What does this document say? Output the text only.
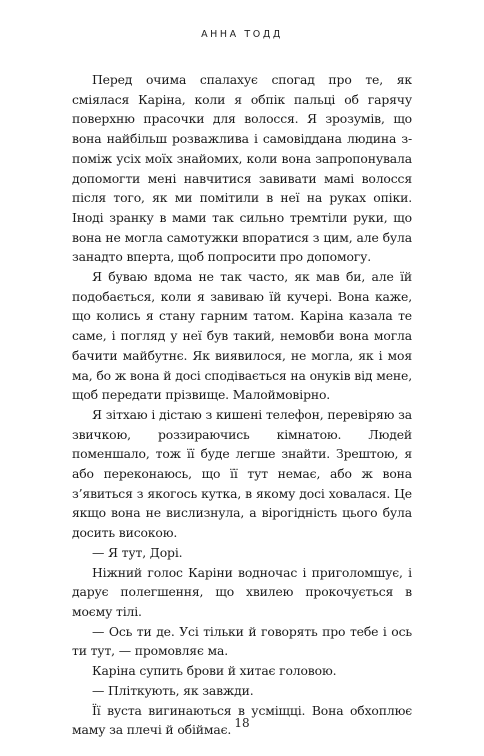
АННА ТОДД

Перед очима спалахує спогад про те, як сміялася Каріна, коли я обпік пальці об гарячу поверхню прасочки для волосся. Я зрозумів, що вона найбільш розважлива і самовіддана людина з-поміж усіх моїх знайомих, коли вона запропонувала допомогти мені навчитися завивати мамі волосся після того, як ми помітили в неї на руках опіки. Іноді зранку в мами так сильно тремтіли руки, що вона не могла самотужки впоратися з цим, але була занадто вперта, щоб попросити про допомогу.

Я буваю вдома не так часто, як мав би, але їй подобається, коли я завиваю їй кучері. Вона каже, що колись я стану гарним татом. Каріна казала те саме, і погляд у неї був такий, немовби вона могла бачити майбутнє. Як виявилося, не могла, як і моя ма, бо ж вона й досі сподівається на онуків від мене, щоб передати прізвище. Малоймовірно.

Я зітхаю і дістаю з кишені телефон, перевіряю за звичкою, роззираючись кімнатою. Людей поменшало, тож її буде легше знайти. Зрештою, я або переконаюсь, що її тут немає, або ж вона з’явиться з якогось кутка, в якому досі ховалася. Це якщо вона не вислизнула, а вірогідність цього була досить високою.

— Я тут, Дорі.

Ніжний голос Каріни водночас і приголомшує, і дарує полегшення, що хвилею прокочується в моєму тілі.

— Ось ти де. Усі тільки й говорять про тебе і ось ти тут, — промовляє ма.

Каріна супить брови й хитає головою.

— Пліткують, як завжди.

Її вуста вигинаються в усміщці. Вона обхоплює маму за плечі й обіймає. 18
